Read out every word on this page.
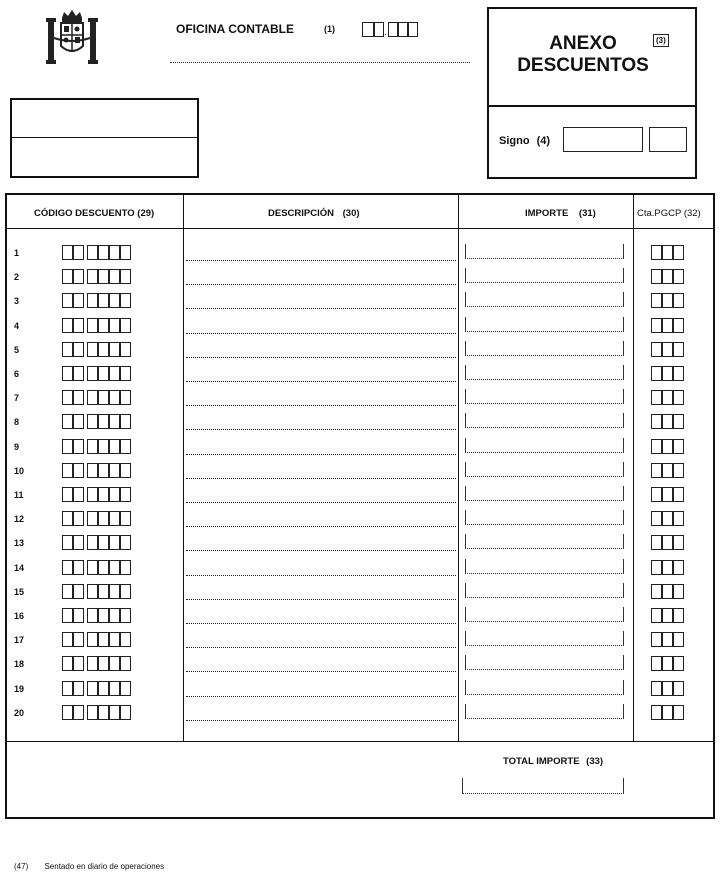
OFICINA CONTABLE	(1)	.
ANEXO
DESCUENTOS
(3)
Signo (4)
CÓDIGO DESCUENTO (29)	DESCRIPCIÓN (30)	IMPORTE (31)	Cta.PGCP (32)
1
2
3
4
5
6
7
8
9
10
11
12
13
14
15
16
17
18
19
20
TOTAL IMPORTE (33)
(47) Sentado en diario de operaciones
